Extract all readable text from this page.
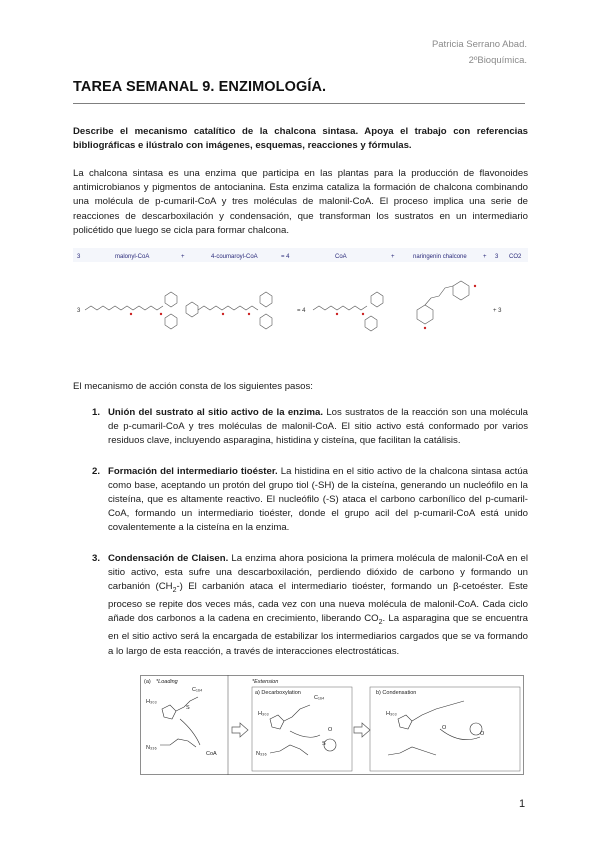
Patricia Serrano Abad.
2ºBioquímica.
TAREA SEMANAL 9. ENZIMOLOGÍA.
Describe el mecanismo catalítico de la chalcona sintasa. Apoya el trabajo con referencias bibliográficas e ilústralo con imágenes, esquemas, reacciones y fórmulas.
La chalcona sintasa es una enzima que participa en las plantas para la producción de flavonoides antimicrobianos y pigmentos de antocianina. Esta enzima cataliza la formación de chalcona combinando una molécula de p-cumaril-CoA y tres moléculas de malonil-CoA. El proceso implica una serie de reacciones de descarboxilación y condensación, que transforman los sustratos en un intermediario policétido que luego se cicla para formar chalcona.
3	malonyl-CoA	+	4-coumaroyl-CoA	= 4	CoA	+	naringenin chalcone	+ 3 CO2
3	= 4	+ 3
El mecanismo de acción consta de los siguientes pasos:
1. Unión del sustrato al sitio activo de la enzima. Los sustratos de la reacción son una molécula de p-cumaril-CoA y tres moléculas de malonil-CoA. El sitio activo está conformado por varios residuos clave, incluyendo asparagina, histidina y cisteína, que facilitan la catálisis.
2. Formación del intermediario tioéster. La histidina en el sitio activo de la chalcona sintasa actúa como base, aceptando un protón del grupo tiol (-SH) de la cisteína, generando un nucleófilo en la cisteína, que es altamente reactivo. El nucleófilo (-S) ataca el carbono carbonílico del p-cumaril-CoA, formando un intermediario tioéster, donde el grupo acil del p-cumaril-CoA está unido covalentemente a la cisteína en la enzima.
3. Condensación de Claisen. La enzima ahora posiciona la primera molécula de malonil-CoA en el sitio activo, esta sufre una descarboxilación, perdiendo dióxido de carbono y formando un carbanión $(CH_2-)$ El carbanión ataca el intermediario tioéster, formando un β-cetoéster. Este proceso se repite dos veces más, cada vez con una nueva molécula de malonil-CoA. Cada ciclo añade dos carbonos a la cadena en crecimiento, liberando $CO_2$. La asparagina que se encuentra en el sitio activo será la encargada de estabilizar los intermediarios cargados que se va formando a lo largo de esta reacción, a través de interacciones electrostáticas.
(a) *Loading	*Extension
a) Decarboxylation	b) Condensation
H₃₀₃
C₁₆₄
N₃₃₆
CoA
S
H₃₀₃
N₃₃₆
C₁₆₄
S
O
H₃₀₃
O
O
1
